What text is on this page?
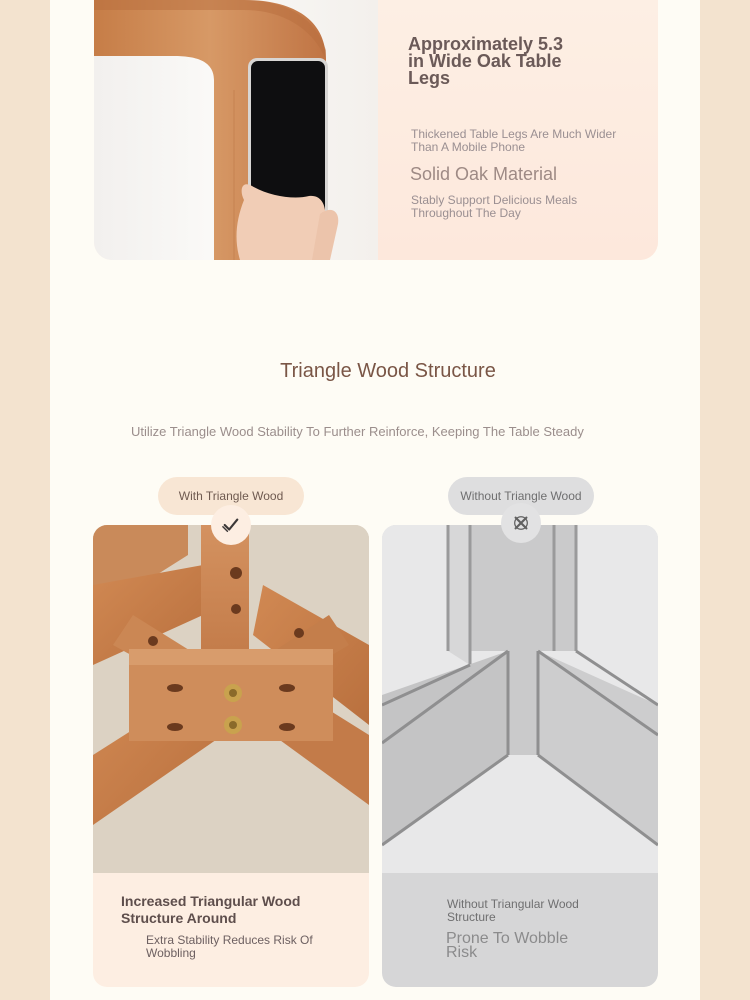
Approximately 5.3 in Wide Oak Table Legs
Thickened Table Legs Are Much Wider Than A Mobile Phone
Solid Oak Material
Stably Support Delicious Meals Throughout The Day
Triangle Wood Structure
Utilize Triangle Wood Stability To Further Reinforce, Keeping The Table Steady
With Triangle Wood	Without Triangle Wood
Increased Triangular Wood Structure Around
Extra Stability Reduces Risk Of Wobbling
Without Triangular Wood Structure
Prone To Wobble Risk
